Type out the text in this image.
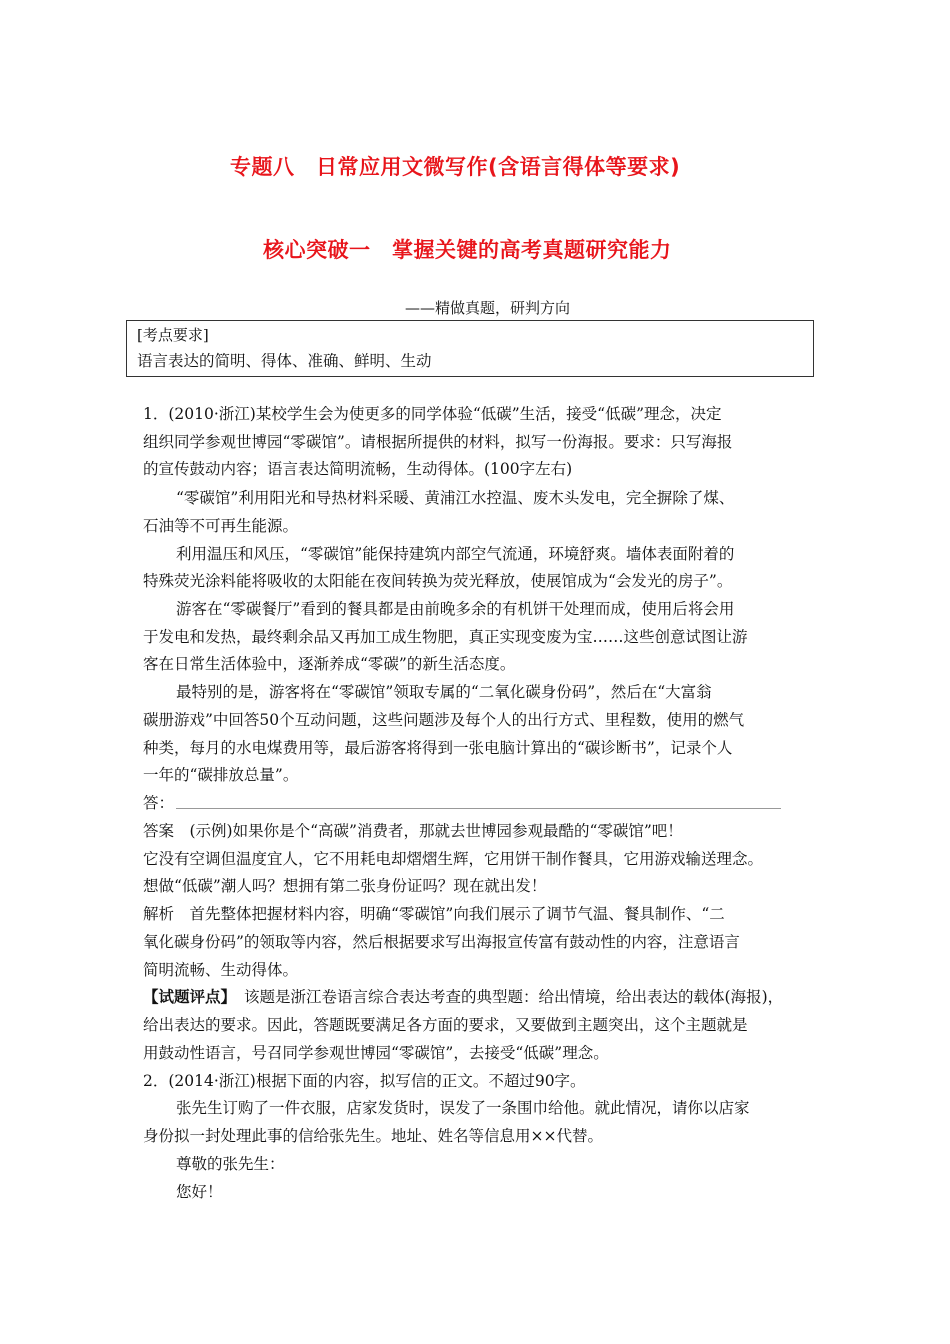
专题八　日常应用文微写作(含语言得体等要求)
核心突破一　掌握关键的高考真题研究能力
——精做真题，研判方向
[考点要求]
语言表达的简明、得体、准确、鲜明、生动
1．(2010·浙江)某校学生会为使更多的同学体验“低碳”生活，接受“低碳”理念，决定
组织同学参观世博园“零碳馆”。请根据所提供的材料，拟写一份海报。要求：只写海报
的宣传鼓动内容；语言表达简明流畅，生动得体。(100字左右)
“零碳馆”利用阳光和导热材料采暖、黄浦江水控温、废木头发电，完全摒除了煤、
石油等不可再生能源。
利用温压和风压，“零碳馆”能保持建筑内部空气流通，环境舒爽。墙体表面附着的
特殊荧光涂料能将吸收的太阳能在夜间转换为荧光释放，使展馆成为“会发光的房子”。
游客在“零碳餐厅”看到的餐具都是由前晚多余的有机饼干处理而成，使用后将会用
于发电和发热，最终剩余品又再加工成生物肥，真正实现变废为宝……这些创意试图让游
客在日常生活体验中，逐渐养成“零碳”的新生活态度。
最特别的是，游客将在“零碳馆”领取专属的“二氧化碳身份码”，然后在“大富翁
碳册游戏”中回答50个互动问题，这些问题涉及每个人的出行方式、里程数，使用的燃气
种类，每月的水电煤费用等，最后游客将得到一张电脑计算出的“碳诊断书”，记录个人
一年的“碳排放总量”。
答：
答案　(示例)如果你是个“高碳”消费者，那就去世博园参观最酷的“零碳馆”吧！
它没有空调但温度宜人，它不用耗电却熠熠生辉，它用饼干制作餐具，它用游戏输送理念。
想做“低碳”潮人吗？想拥有第二张身份证吗？现在就出发！
解析　首先整体把握材料内容，明确“零碳馆”向我们展示了调节气温、餐具制作、“二
氧化碳身份码”的领取等内容，然后根据要求写出海报宣传富有鼓动性的内容，注意语言
简明流畅、生动得体。
【试题评点】 该题是浙江卷语言综合表达考查的典型题：给出情境，给出表达的载体(海报)，
给出表达的要求。因此，答题既要满足各方面的要求，又要做到主题突出，这个主题就是
用鼓动性语言，号召同学参观世博园“零碳馆”，去接受“低碳”理念。
2．(2014·浙江)根据下面的内容，拟写信的正文。不超过90字。
张先生订购了一件衣服，店家发货时，误发了一条围巾给他。就此情况，请你以店家
身份拟一封处理此事的信给张先生。地址、姓名等信息用××代替。
尊敬的张先生：
您好！
